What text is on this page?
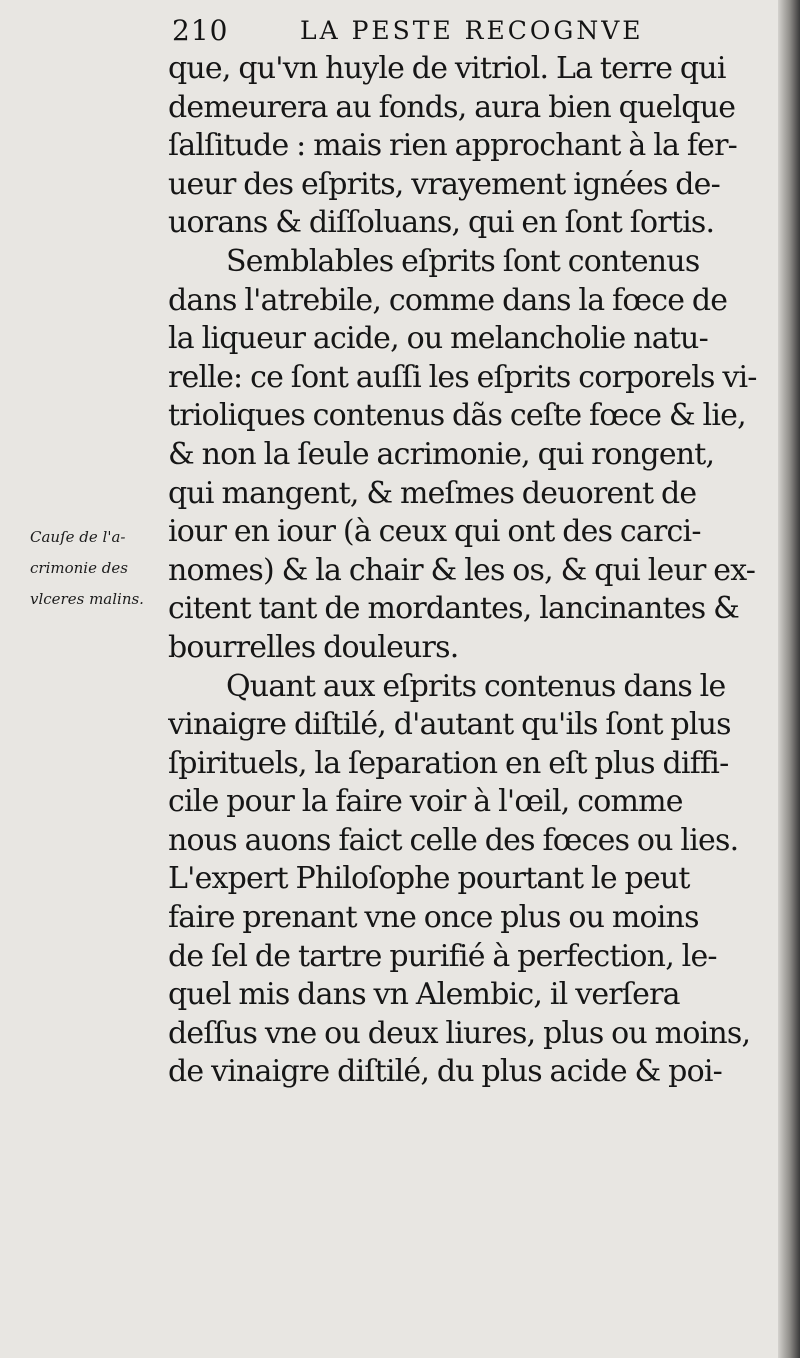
210	LA PESTE RECOGNVE
Cauſe de l'a-
crimonie des
vlceres malins.
que, qu'vn huyle de vitriol. La terre qui
demeurera au fonds, aura bien quelque
ſalſitude : mais rien approchant à la fer-
ueur des eſprits, vrayement ignées de-
uorans & diſſoluans, qui en ſont ſortis.
Semblables eſprits ſont contenus
dans l'atrebile, comme dans la fœce de
la liqueur acide, ou melancholie natu-
relle: ce ſont auſſi les eſprits corporels vi-
trioliques contenus dãs ceſte fœce & lie,
& non la ſeule acrimonie, qui rongent,
qui mangent, & meſmes deuorent de
iour en iour (à ceux qui ont des carci-
nomes) & la chair & les os, & qui leur ex-
citent tant de mordantes, lancinantes &
bourrelles douleurs.
Quant aux eſprits contenus dans le
vinaigre diſtilé, d'autant qu'ils ſont plus
ſpirituels, la ſeparation en eſt plus diffi-
cile pour la faire voir à l'œil, comme
nous auons faict celle des fœces ou lies.
L'expert Philoſophe pourtant le peut
faire prenant vne once plus ou moins
de ſel de tartre purifié à perfection, le-
quel mis dans vn Alembic, il verſera
deſſus vne ou deux liures, plus ou moins,
de vinaigre diſtilé, du plus acide & poi-
